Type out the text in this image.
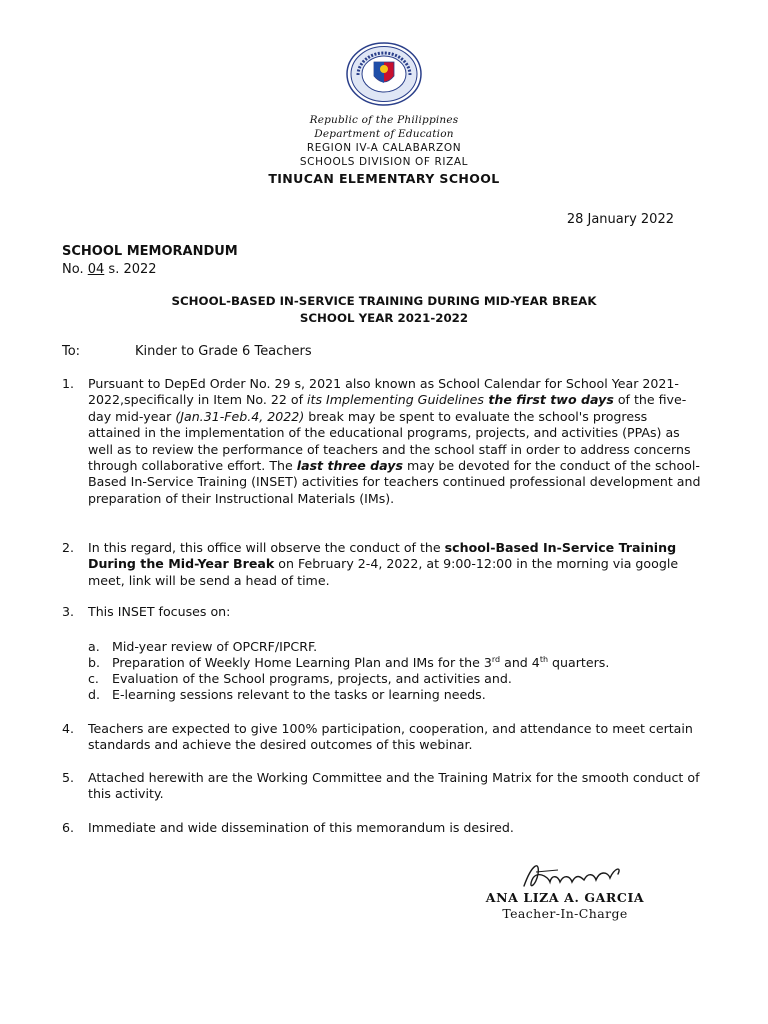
Republic of the Philippines
Department of Education
REGION IV-A CALABARZON
SCHOOLS DIVISION OF RIZAL
TINUCAN ELEMENTARY SCHOOL
28 January 2022
SCHOOL MEMORANDUM
No. 04 s. 2022
SCHOOL-BASED IN-SERVICE TRAINING DURING MID-YEAR BREAK
SCHOOL YEAR 2021-2022
To:	Kinder to Grade 6 Teachers
1.	Pursuant to DepEd Order No. 29 s, 2021 also known as School Calendar for School Year 2021-2022,specifically in Item No. 22 of its Implementing Guidelines the first two days of the five-day mid-year (Jan.31-Feb.4, 2022) break may be spent to evaluate the school's progress attained in the implementation of the educational programs, projects, and activities (PPAs) as well as to review the performance of teachers and the school staff in order to address concerns through collaborative effort. The last three days may be devoted for the conduct of the school-Based In-Service Training (INSET) activities for teachers continued professional development and preparation of their Instructional Materials (IMs).
2.	In this regard, this office will observe the conduct of the school-Based In-Service Training During the Mid-Year Break on February 2-4, 2022, at 9:00-12:00 in the morning via google meet, link will be send a head of time.
3.	This INSET focuses on:
a. Mid-year review of OPCRF/IPCRF.
b. Preparation of Weekly Home Learning Plan and IMs for the 3rd and 4th quarters.
c.	Evaluation of the School programs, projects, and activities and.
d. E-learning sessions relevant to the tasks or learning needs.
4.	Teachers are expected to give 100% participation, cooperation, and attendance to meet certain standards and achieve the desired outcomes of this webinar.
5.	Attached herewith are the Working Committee and the Training Matrix for the smooth conduct of this activity.
6.	Immediate and wide dissemination of this memorandum is desired.
ANA LIZA A. GARCIA
Teacher-In-Charge
